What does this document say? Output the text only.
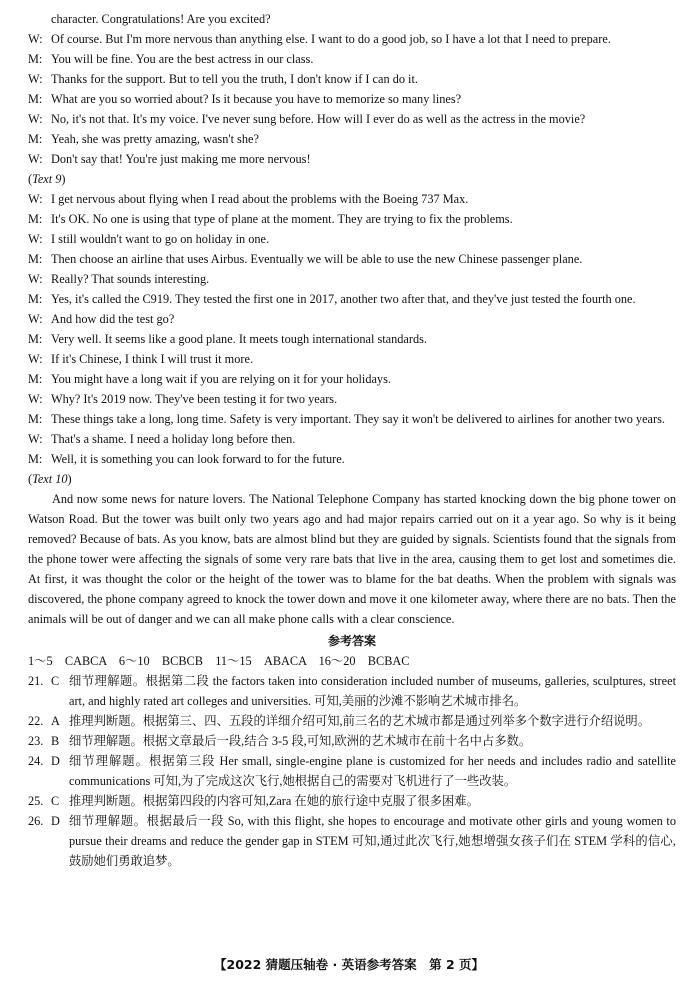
character. Congratulations! Are you excited?
W: Of course. But I'm more nervous than anything else. I want to do a good job, so I have a lot that I need to prepare.
M: You will be fine. You are the best actress in our class.
W: Thanks for the support. But to tell you the truth, I don't know if I can do it.
M: What are you so worried about? Is it because you have to memorize so many lines?
W: No, it's not that. It's my voice. I've never sung before. How will I ever do as well as the actress in the movie?
M: Yeah, she was pretty amazing, wasn't she?
W: Don't say that! You're just making me more nervous!
(Text 9)
W: I get nervous about flying when I read about the problems with the Boeing 737 Max.
M: It's OK. No one is using that type of plane at the moment. They are trying to fix the problems.
W: I still wouldn't want to go on holiday in one.
M: Then choose an airline that uses Airbus. Eventually we will be able to use the new Chinese passenger plane.
W: Really? That sounds interesting.
M: Yes, it's called the C919. They tested the first one in 2017, another two after that, and they've just tested the fourth one.
W: And how did the test go?
M: Very well. It seems like a good plane. It meets tough international standards.
W: If it's Chinese, I think I will trust it more.
M: You might have a long wait if you are relying on it for your holidays.
W: Why? It's 2019 now. They've been testing it for two years.
M: These things take a long, long time. Safety is very important. They say it won't be delivered to airlines for another two years.
W: That's a shame. I need a holiday long before then.
M: Well, it is something you can look forward to for the future.
(Text 10)

And now some news for nature lovers. The National Telephone Company has started knocking down the big phone tower on Watson Road. But the tower was built only two years ago and had major repairs carried out on it a year ago. So why is it being removed? Because of bats. As you know, bats are almost blind but they are guided by signals. Scientists found that the signals from the phone tower were affecting the signals of some very rare bats that live in the area, causing them to get lost and sometimes die. At first, it was thought the color or the height of the tower was to blame for the bat deaths. When the problem with signals was discovered, the phone company agreed to knock the tower down and move it one kilometer away, where there are no bats. Then the animals will be out of danger and we can all make phone calls with a clear conscience.

参考答案
1～5　CABCA　6～10　BCBCB　11～15　ABACA　16～20　BCBAC
21. C 细节理解题。根据第二段 the factors taken into consideration included number of museums, galleries, sculptures, street art, and highly rated art colleges and universities. 可知,美丽的沙滩不影响艺术城市排名。
22. A 推理判断题。根据第三、四、五段的详细介绍可知,前三名的艺术城市都是通过列举多个数字进行介绍说明。
23. B 细节理解题。根据文章最后一段,结合 3-5 段,可知,欧洲的艺术城市在前十名中占多数。
24. D 细节理解题。根据第三段 Her small, single-engine plane is customized for her needs and includes radio and satellite communications 可知,为了完成这次飞行,她根据自己的需要对飞机进行了一些改装。
25. C 推理判断题。根据第四段的内容可知,Zara 在她的旅行途中克服了很多困难。
26. D 细节理解题。根据最后一段 So, with this flight, she hopes to encourage and motivate other girls and young women to pursue their dreams and reduce the gender gap in STEM 可知,通过此次飞行,她想增强女孩子们在 STEM 学科的信心,鼓励她们勇敢追梦。
【2022 猜题压轴卷 · 英语参考答案　第 2 页】
